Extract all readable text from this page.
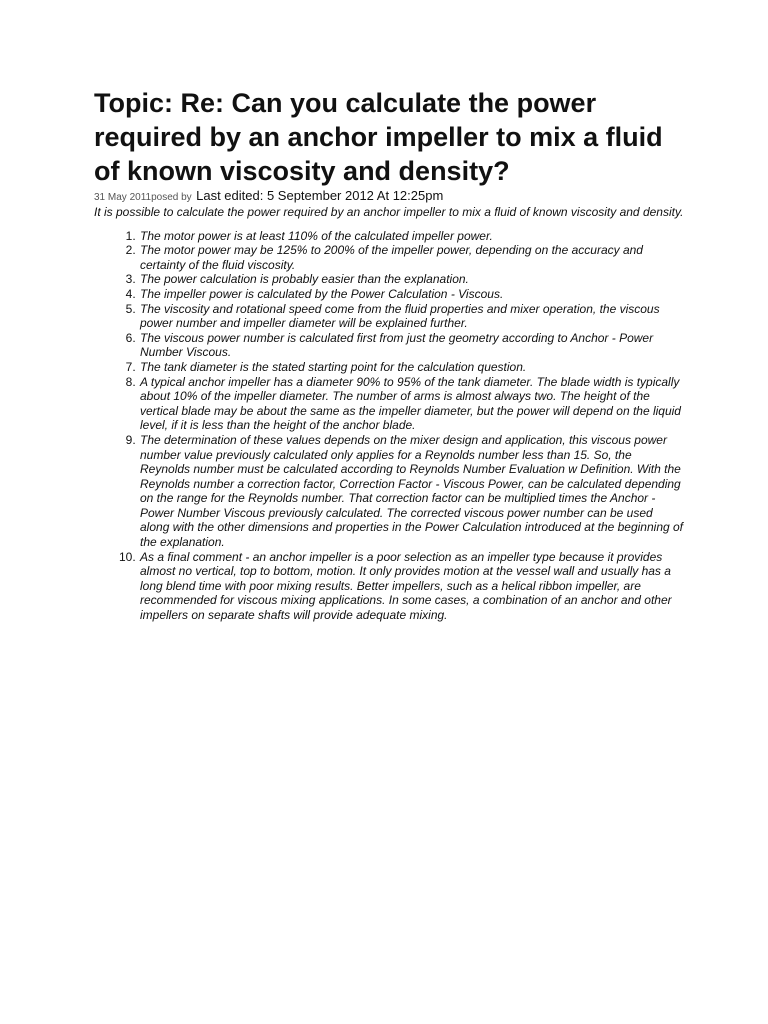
Topic: Re: Can you calculate the power required by an anchor impeller to mix a fluid of known viscosity and density?

31 May 2011posed by Last edited: 5 September 2012 At 12:25pm

It is possible to calculate the power required by an anchor impeller to mix a fluid of known viscosity and density.

1. The motor power is at least 110% of the calculated impeller power.
2. The motor power may be 125% to 200% of the impeller power, depending on the accuracy and certainty of the fluid viscosity.
3. The power calculation is probably easier than the explanation.
4. The impeller power is calculated by the Power Calculation - Viscous.
5. The viscosity and rotational speed come from the fluid properties and mixer operation, the viscous power number and impeller diameter will be explained further.
6. The viscous power number is calculated first from just the geometry according to Anchor - Power Number Viscous.
7. The tank diameter is the stated starting point for the calculation question.
8. A typical anchor impeller has a diameter 90% to 95% of the tank diameter. The blade width is typically about 10% of the impeller diameter. The number of arms is almost always two. The height of the vertical blade may be about the same as the impeller diameter, but the power will depend on the liquid level, if it is less than the height of the anchor blade.
9. The determination of these values depends on the mixer design and application, this viscous power number value previously calculated only applies for a Reynolds number less than 15. So, the Reynolds number must be calculated according to Reynolds Number Evaluation w Definition. With the Reynolds number a correction factor, Correction Factor - Viscous Power, can be calculated depending on the range for the Reynolds number. That correction factor can be multiplied times the Anchor - Power Number Viscous previously calculated. The corrected viscous power number can be used along with the other dimensions and properties in the Power Calculation introduced at the beginning of the explanation.
10. As a final comment - an anchor impeller is a poor selection as an impeller type because it provides almost no vertical, top to bottom, motion. It only provides motion at the vessel wall and usually has a long blend time with poor mixing results. Better impellers, such as a helical ribbon impeller, are recommended for viscous mixing applications. In some cases, a combination of an anchor and other impellers on separate shafts will provide adequate mixing.
